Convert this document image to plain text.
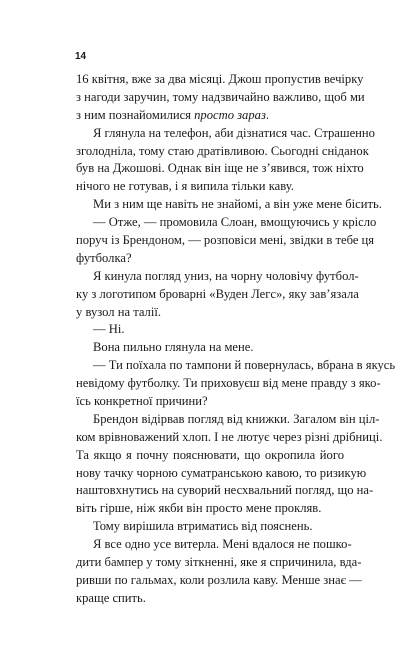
14
16 квітня, вже за два місяці. Джош пропустив вечірку
з нагоди заручин, тому надзвичайно важливо, щоб ми
з ним познайомилися просто зараз.
Я глянула на телефон, аби дізнатися час. Страшенно
зголодніла, тому стаю дратівливою. Сьогодні сніданок
був на Джошові. Однак він іще не з’явився, тож ніхто
нічого не готував, і я випила тільки каву.
Ми з ним ще навіть не знайомі, а він уже мене бісить.
— Отже, — промовила Слоан, вмощуючись у крісло
поруч із Брендоном, — розповіси мені, звідки в тебе ця
футболка?
Я кинула погляд униз, на чорну чоловічу футбол-
ку з логотипом броварні «Вуден Легс», яку зав’язала
у вузол на талії.
— Ні.
Вона пильно глянула на мене.
— Ти поїхала по тампони й повернулась, вбрана в якусь
невідому футболку. Ти приховуєш від мене правду з яко-
їсь конкретної причини?
Брендон відірвав погляд від книжки. Загалом він ціл-
ком врівноважений хлоп. І не лютує через різні дрібниці.
Та якщо я почну пояснювати, що окропила його
нову тачку чорною суматранською кавою, то ризикую
наштовхнутись на суворий несхвальний погляд, що на-
віть гірше, ніж якби він просто мене прокляв.
Тому вирішила втриматись від пояснень.
Я все одно усе витерла. Мені вдалося не пошко-
дити бампер у тому зіткненні, яке я спричинила, вда-
ривши по гальмах, коли розлила каву. Менше знає —
краще спить.
